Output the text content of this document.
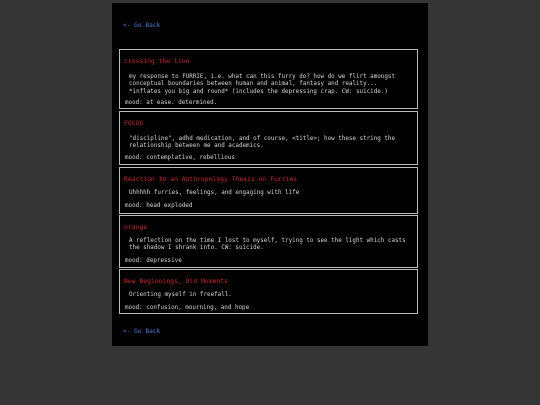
<- Go Back
crossing the line
my response to FURRIE, i.e. what can this furry do? how do we flirt amongst conceptual boundaries between human and animal, fantasy and reality... *inflates you big and round* (includes the depressing crap. CW: suicide.)
mood: at ease. determined.
FOCUS
"discipline", adhd medication, and of course, <title>; how these string the relationship between me and academics.
mood: contemplative, rebellious
Reaction to an Anthropology Thesis on Furries
Uhhhhh furries, feelings, and engaging with life
mood: head exploded
orange
A reflection on the time I lost to myself, trying to see the light which casts the shadow I shrank into. CW: suicide.
mood: depressive
New Beginnings, Old Moments
Orienting myself in freefall.
mood: confusion, mourning, and hope
<- Go Back
